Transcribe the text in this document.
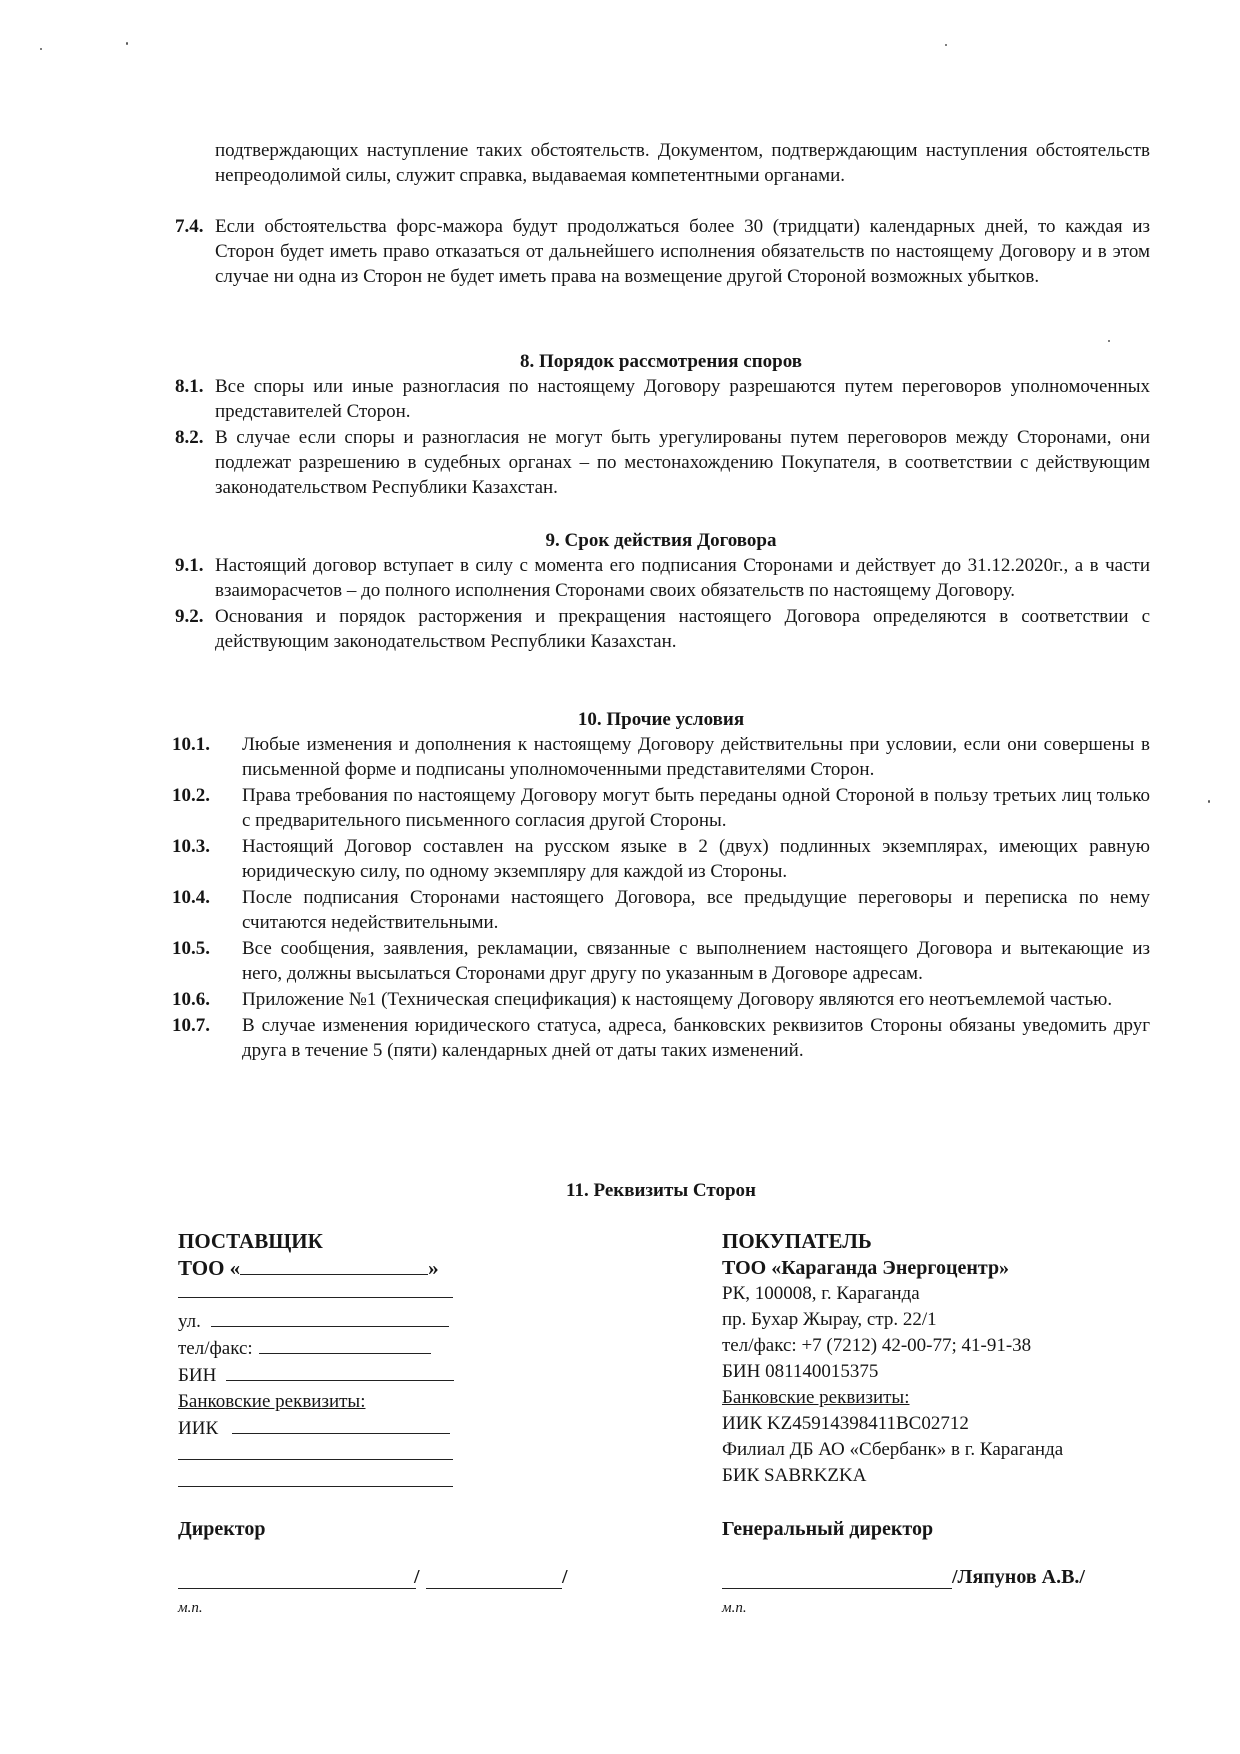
подтверждающих наступление таких обстоятельств. Документом, подтверждающим наступления обстоятельств непреодолимой силы, служит справка, выдаваемая компетентными органами.

7.4. Если обстоятельства форс-мажора будут продолжаться более 30 (тридцати) календарных дней, то каждая из Сторон будет иметь право отказаться от дальнейшего исполнения обязательств по настоящему Договору и в этом случае ни одна из Сторон не будет иметь права на возмещение другой Стороной возможных убытков.
8. Порядок рассмотрения споров
8.1. Все споры или иные разногласия по настоящему Договору разрешаются путем переговоров уполномоченных представителей Сторон.
8.2. В случае если споры и разногласия не могут быть урегулированы путем переговоров между Сторонами, они подлежат разрешению в судебных органах – по местонахождению Покупателя, в соответствии с действующим законодательством Республики Казахстан.
9. Срок действия Договора
9.1. Настоящий договор вступает в силу с момента его подписания Сторонами и действует до 31.12.2020г., а в части взаиморасчетов – до полного исполнения Сторонами своих обязательств по настоящему Договору.
9.2. Основания и порядок расторжения и прекращения настоящего Договора определяются в соответствии с действующим законодательством Республики Казахстан.
10. Прочие условия
10.1.	Любые изменения и дополнения к настоящему Договору действительны при условии, если они совершены в письменной форме и подписаны уполномоченными представителями Сторон.
10.2.	Права требования по настоящему Договору могут быть переданы одной Стороной в пользу третьих лиц только с предварительного письменного согласия другой Стороны.
10.3.	Настоящий Договор составлен на русском языке в 2 (двух) подлинных экземплярах, имеющих равную юридическую силу, по одному экземпляру для каждой из Стороны.
10.4.	После подписания Сторонами настоящего Договора, все предыдущие переговоры и переписка по нему считаются недействительными.
10.5.	Все сообщения, заявления, рекламации, связанные с выполнением настоящего Договора и вытекающие из него, должны высылаться Сторонами друг другу по указанным в Договоре адресам.
10.6.	Приложение №1 (Техническая спецификация) к настоящему Договору являются его неотъемлемой частью.
10.7.	В случае изменения юридического статуса, адреса, банковских реквизитов Стороны обязаны уведомить друг друга в течение 5 (пяти) календарных дней от даты таких изменений.
11. Реквизиты Сторон
ПОСТАВЩИК
ТОО «	»
ул.
тел/факс:
БИН
Банковские реквизиты:
ИИК
Директор
/	/
м.п.
ПОКУПАТЕЛЬ
ТОО «Караганда Энергоцентр»
РК, 100008, г. Караганда
пр. Бухар Жырау, стр. 22/1
тел/факс: +7 (7212) 42-00-77; 41-91-38
БИН 081140015375
Банковские реквизиты:
ИИК KZ45914398411BC02712
Филиал ДБ АО «Сбербанк» в г. Караганда
БИК SABRKZKA
Генеральный директор
/Ляпунов А.В./
м.п.
